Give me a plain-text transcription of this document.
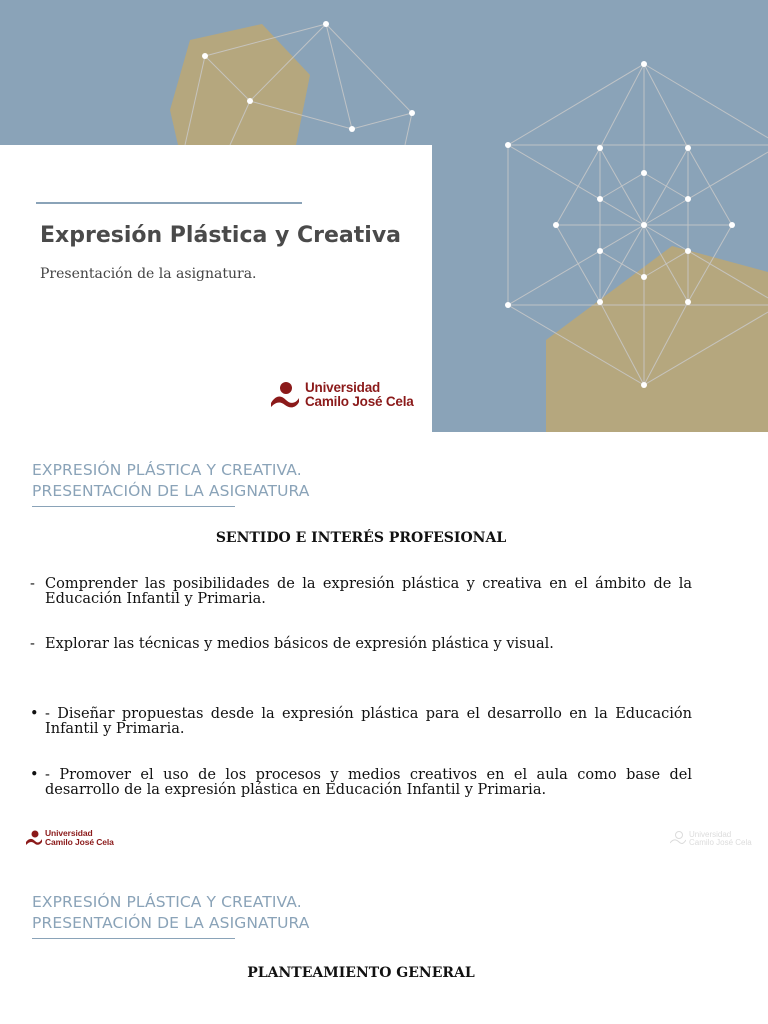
Expresión Plástica y Creativa
Presentación de la asignatura.
Universidad
Camilo José Cela
EXPRESIÓN PLÁSTICA Y CREATIVA.
PRESENTACIÓN DE LA ASIGNATURA
SENTIDO E INTERÉS PROFESIONAL
- Comprender las posibilidades de la expresión plástica y creativa en el ámbito de la Educación Infantil y Primaria.
- Explorar las técnicas y medios básicos de expresión plástica y visual.
• - Diseñar propuestas desde la expresión plástica para el desarrollo en la Educación Infantil y Primaria.
• - Promover el uso de los procesos y medios creativos en el aula como base del desarrollo de la expresión plástica en Educación Infantil y Primaria.
Universidad
Camilo José Cela
Universidad
Camilo José Cela
EXPRESIÓN PLÁSTICA Y CREATIVA.
PRESENTACIÓN DE LA ASIGNATURA
PLANTEAMIENTO GENERAL
